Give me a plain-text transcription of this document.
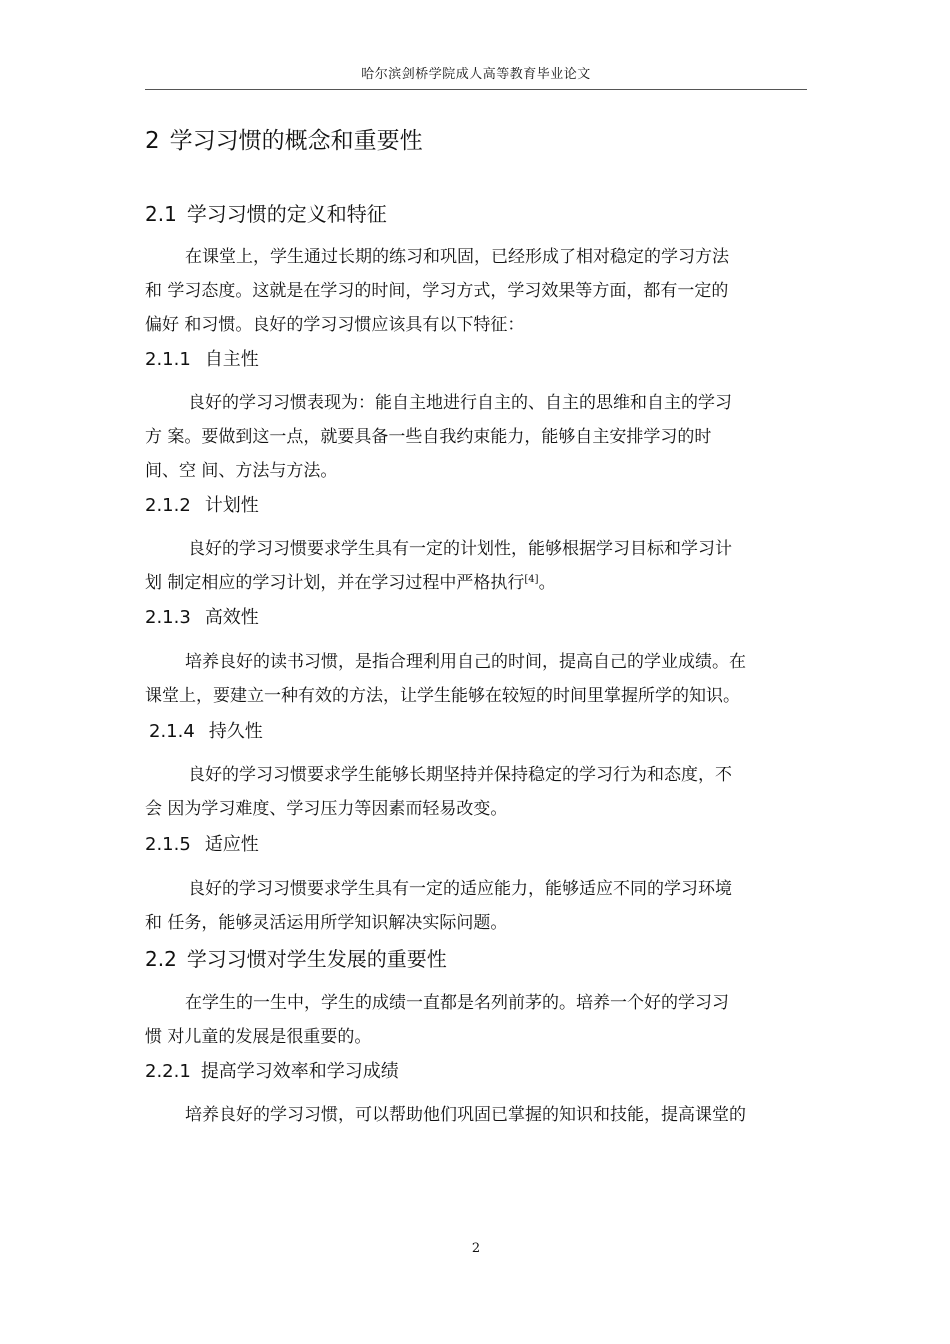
哈尔滨剑桥学院成人高等教育毕业论文
2 学习习惯的概念和重要性
2.1 学习习惯的定义和特征
在课堂上，学生通过长期的练习和巩固，已经形成了相对稳定的学习方法
和 学习态度。这就是在学习的时间，学习方式，学习效果等方面，都有一定的
偏好 和习惯。良好的学习习惯应该具有以下特征：
2.1.1 自主性
良好的学习习惯表现为：能自主地进行自主的、自主的思维和自主的学习
方 案。要做到这一点，就要具备一些自我约束能力，能够自主安排学习的时
间、空 间、方法与方法。
2.1.2 计划性
良好的学习习惯要求学生具有一定的计划性，能够根据学习目标和学习计
划 制定相应的学习计划，并在学习过程中严格执行[4]。
2.1.3 高效性
培养良好的读书习惯，是指合理利用自己的时间，提高自己的学业成绩。在
课堂上，要建立一种有效的方法，让学生能够在较短的时间里掌握所学的知识。
2.1.4 持久性
良好的学习习惯要求学生能够长期坚持并保持稳定的学习行为和态度，不
会 因为学习难度、学习压力等因素而轻易改变。
2.1.5 适应性
良好的学习习惯要求学生具有一定的适应能力，能够适应不同的学习环境
和 任务，能够灵活运用所学知识解决实际问题。
2.2 学习习惯对学生发展的重要性
在学生的一生中，学生的成绩一直都是名列前茅的。培养一个好的学习习
惯 对儿童的发展是很重要的。
2.2.1 提高学习效率和学习成绩
培养良好的学习习惯，可以帮助他们巩固已掌握的知识和技能，提高课堂的
2
